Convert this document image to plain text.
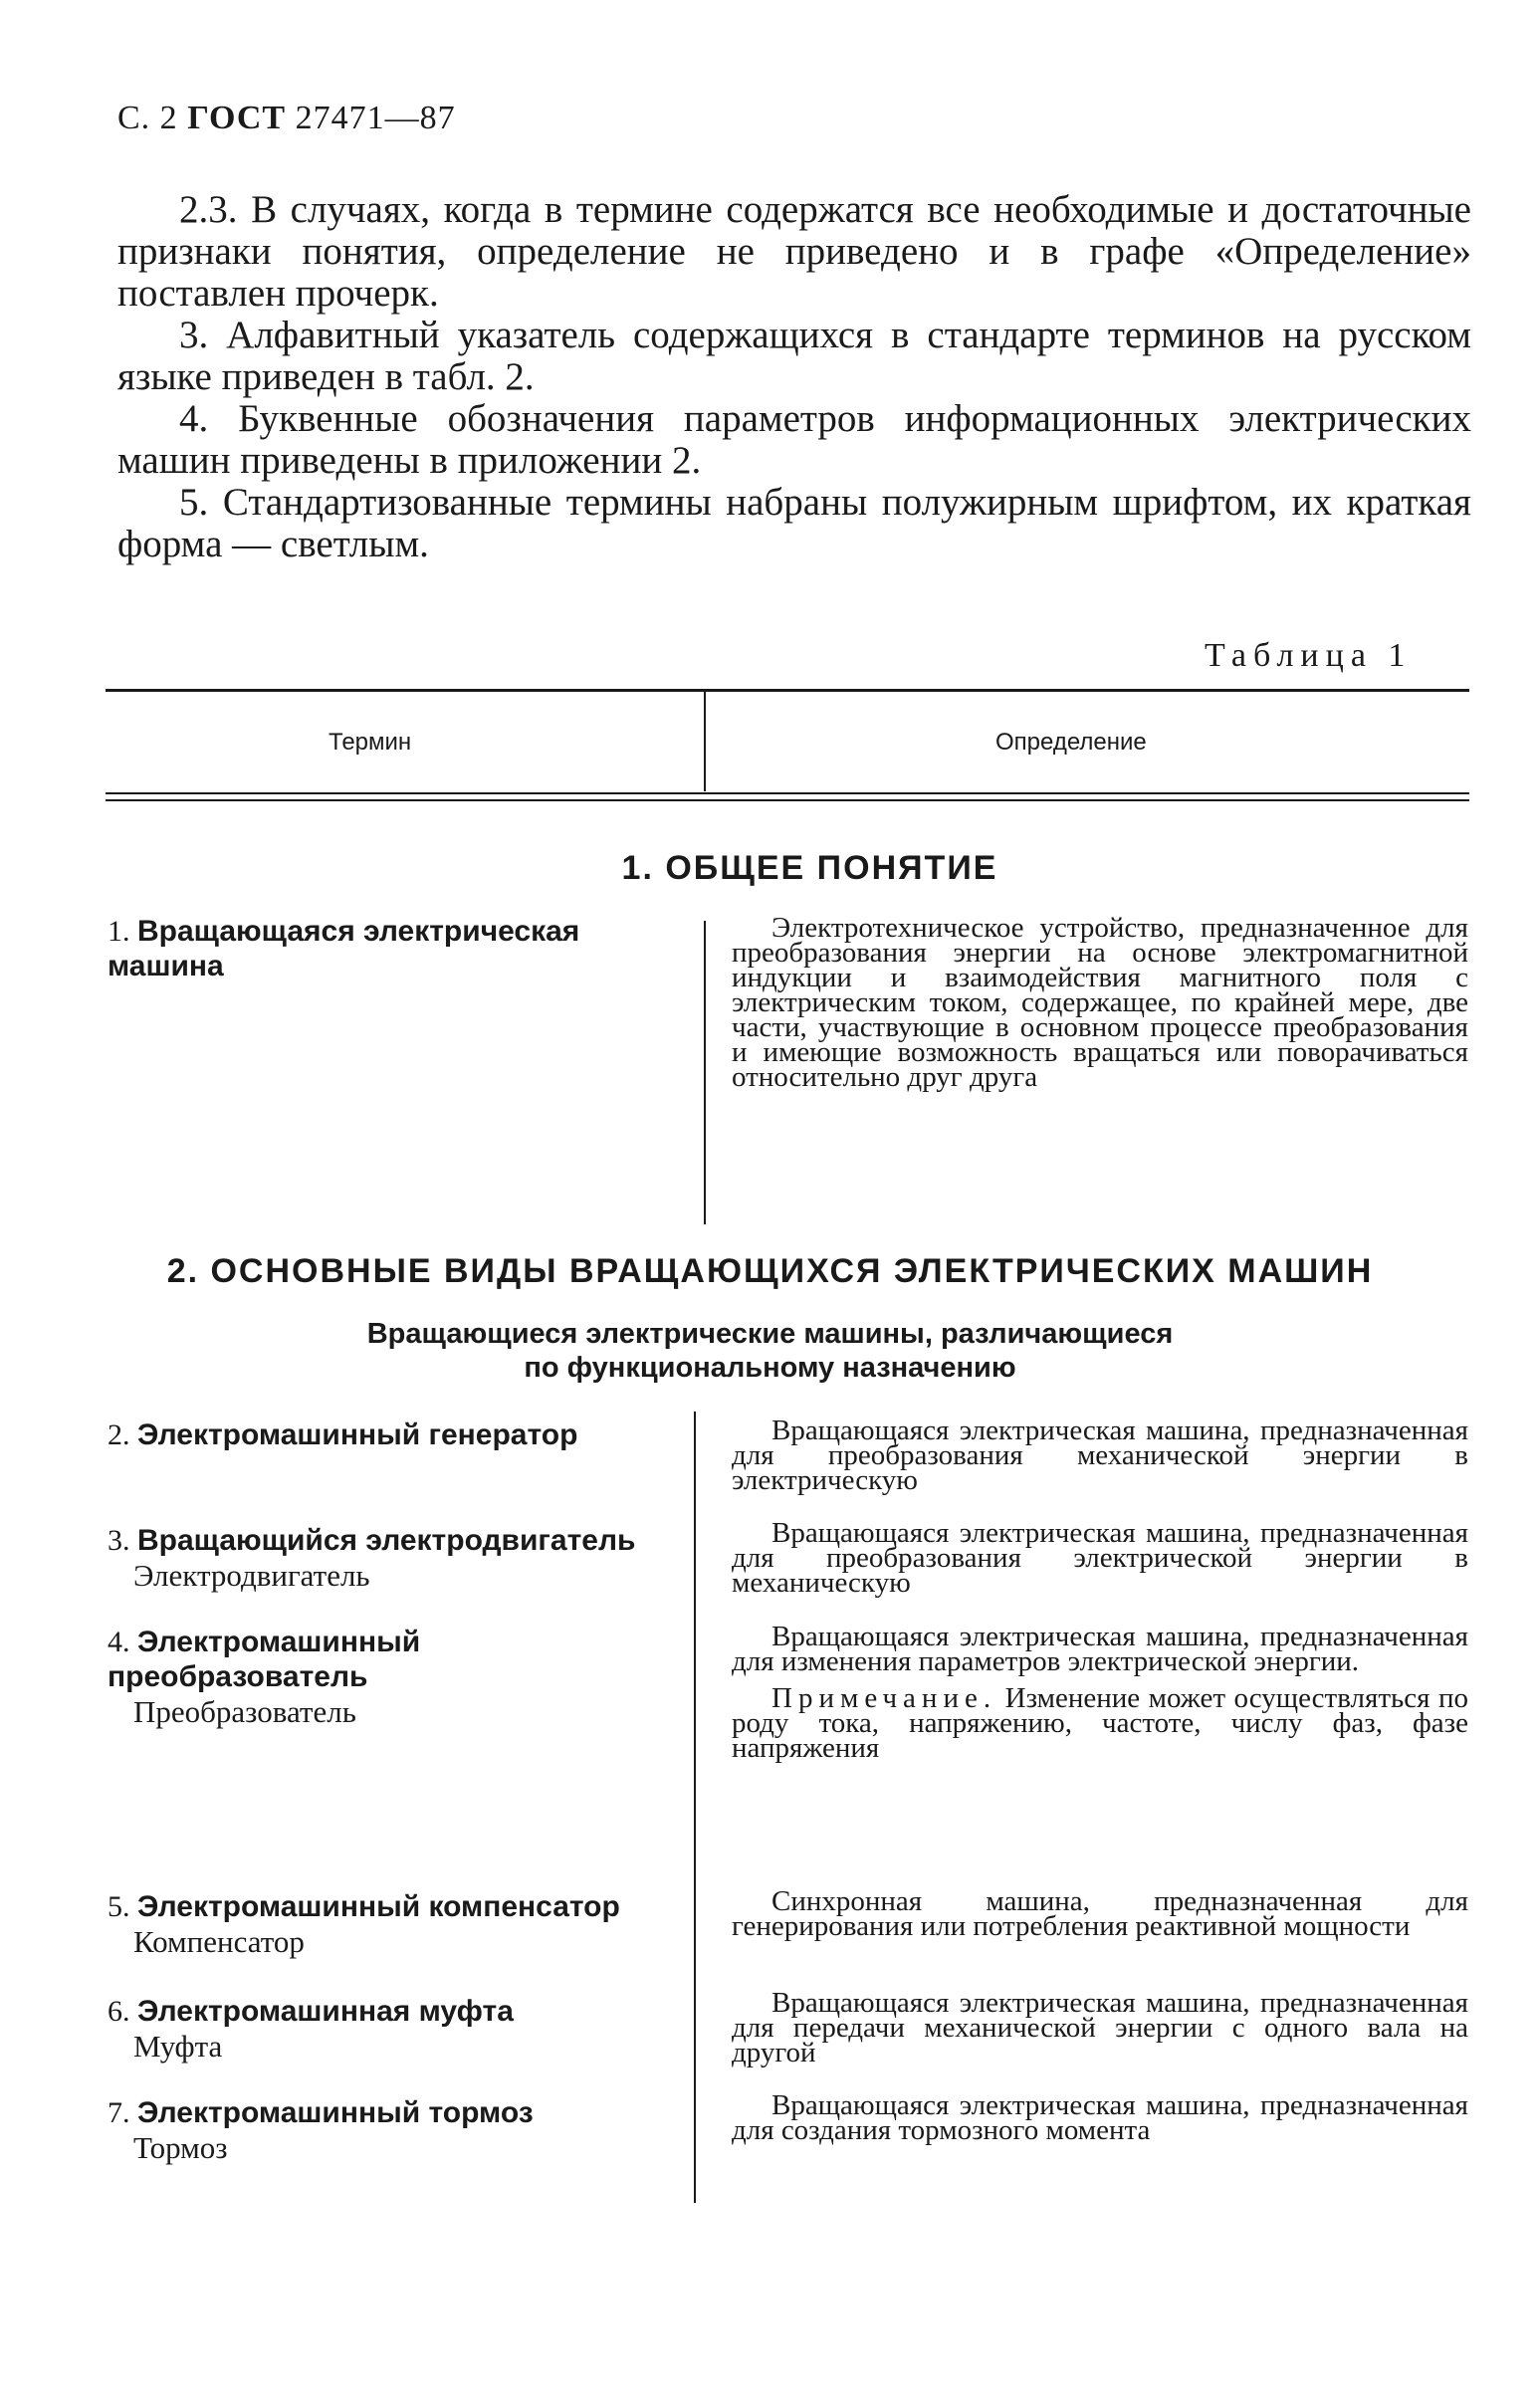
С. 2 ГОСТ 27471—87

2.3. В случаях, когда в термине содержатся все необходимые и достаточные признаки понятия, определение не приведено и в графе «Определение» поставлен прочерк.

3. Алфавитный указатель содержащихся в стандарте терминов на русском языке приведен в табл. 2.

4. Буквенные обозначения параметров информационных электрических машин приведены в приложении 2.

5. Стандартизованные термины набраны полужирным шрифтом, их краткая форма — светлым.

Таблица 1
Термин	Определение
1. ОБЩЕЕ ПОНЯТИЕ
1. Вращающаяся электрическая машина

Электротехническое устройство, предназначенное для преобразования энергии на основе электромагнитной индукции и взаимодействия магнитного поля с электрическим током, содержащее, по крайней мере, две части, участвующие в основном процессе преобразования и имеющие возможность вращаться или поворачиваться относительно друг друга

2. ОСНОВНЫЕ ВИДЫ ВРАЩАЮЩИХСЯ ЭЛЕКТРИЧЕСКИХ МАШИН
Вращающиеся электрические машины, различающиеся
по функциональному назначению
2. Электромашинный генератор	Вращающаяся электрическая машина, предназначенная для преобразования механической энергии в электрическую

3. Вращающийся электродвигатель
Электродвигатель

Вращающаяся электрическая машина, предназначенная для преобразования электрической энергии в механическую

4. Электромашинный преобразователь
Преобразователь

Вращающаяся электрическая машина, предназначенная для изменения параметров электрической энергии.

Примечание. Изменение может осуществляться по роду тока, напряжению, частоте, числу фаз, фазе напряжения

5. Электромашинный компенсатор
Компенсатор

Синхронная машина, предназначенная для генерирования или потребления реактивной мощности

6. Электромашинная муфта
Муфта

Вращающаяся электрическая машина, предназначенная для передачи механической энергии с одного вала на другой

7. Электромашинный тормоз
Тормоз

Вращающаяся электрическая машина, предназначенная для создания тормозного момента
